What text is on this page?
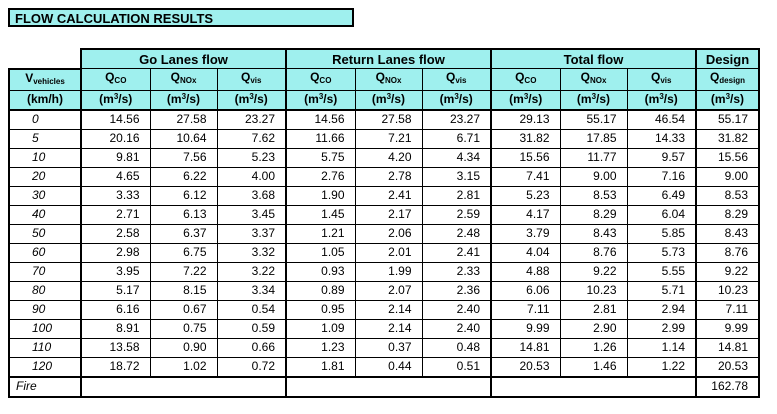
FLOW CALCULATION RESULTS
	Go Lanes flow			Return Lanes flow			Total flow			Design
$V_{vehicles}$	$Q_{CO}$	$Q_{NOx}$	$Q_{vis}$	$Q_{CO}$	$Q_{NOx}$	$Q_{vis}$	$Q_{CO}$	$Q_{NOx}$	$Q_{vis}$	$Q_{design}$
(km/h)	$(m^3/s)$	$(m^3/s)$	$(m^3/s)$	$(m^3/s)$	$(m^3/s)$	$(m^3/s)$	$(m^3/s)$	$(m^3/s)$	$(m^3/s)$	$(m^3/s)$
0	14.56	27.58	23.27	14.56	27.58	23.27	29.13	55.17	46.54	55.17
5	20.16	10.64	7.62	11.66	7.21	6.71	31.82	17.85	14.33	31.82
10	9.81	7.56	5.23	5.75	4.20	4.34	15.56	11.77	9.57	15.56
20	4.65	6.22	4.00	2.76	2.78	3.15	7.41	9.00	7.16	9.00
30	3.33	6.12	3.68	1.90	2.41	2.81	5.23	8.53	6.49	8.53
40	2.71	6.13	3.45	1.45	2.17	2.59	4.17	8.29	6.04	8.29
50	2.58	6.37	3.37	1.21	2.06	2.48	3.79	8.43	5.85	8.43
60	2.98	6.75	3.32	1.05	2.01	2.41	4.04	8.76	5.73	8.76
70	3.95	7.22	3.22	0.93	1.99	2.33	4.88	9.22	5.55	9.22
80	5.17	8.15	3.34	0.89	2.07	2.36	6.06	10.23	5.71	10.23
90	6.16	0.67	0.54	0.95	2.14	2.40	7.11	2.81	2.94	7.11
100	8.91	0.75	0.59	1.09	2.14	2.40	9.99	2.90	2.99	9.99
110	13.58	0.90	0.66	1.23	0.37	0.48	14.81	1.26	1.14	14.81
120	18.72	1.02	0.72	1.81	0.44	0.51	20.53	1.46	1.22	20.53
Fire										162.78
